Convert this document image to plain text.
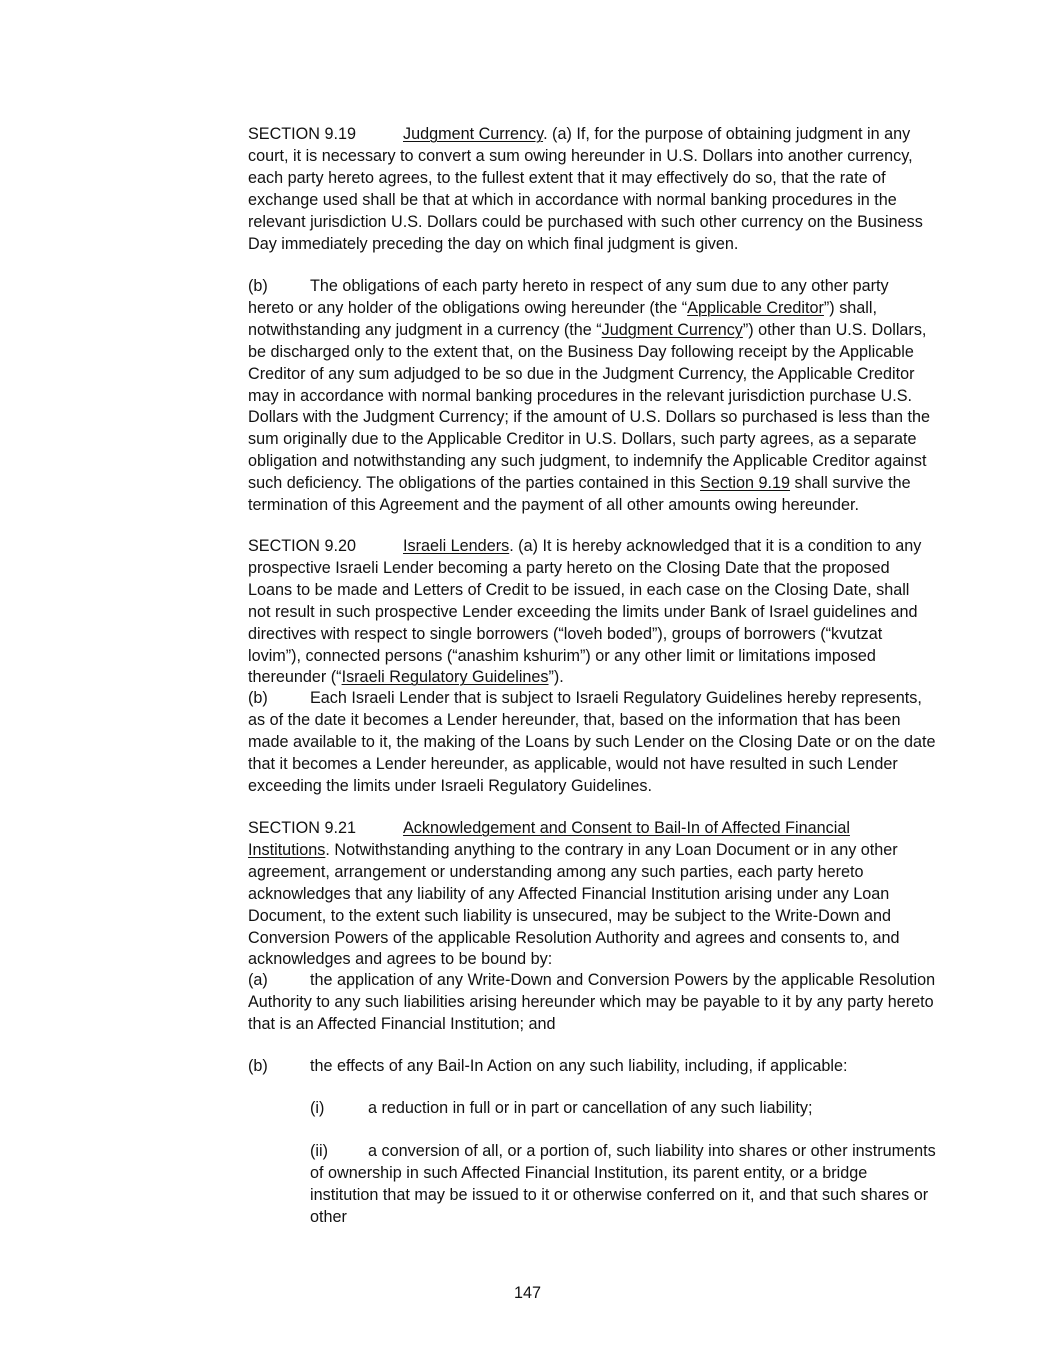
SECTION 9.19	Judgment Currency. (a) If, for the purpose of obtaining judgment in any court, it is necessary to convert a sum owing hereunder in U.S. Dollars into another currency, each party hereto agrees, to the fullest extent that it may effectively do so, that the rate of exchange used shall be that at which in accordance with normal banking procedures in the relevant jurisdiction U.S. Dollars could be purchased with such other currency on the Business Day immediately preceding the day on which final judgment is given.

(b)	The obligations of each party hereto in respect of any sum due to any other party hereto or any holder of the obligations owing hereunder (the “Applicable Creditor”) shall, notwithstanding any judgment in a currency (the “Judgment Currency”) other than U.S. Dollars, be discharged only to the extent that, on the Business Day following receipt by the Applicable Creditor of any sum adjudged to be so due in the Judgment Currency, the Applicable Creditor may in accordance with normal banking procedures in the relevant jurisdiction purchase U.S. Dollars with the Judgment Currency; if the amount of U.S. Dollars so purchased is less than the sum originally due to the Applicable Creditor in U.S. Dollars, such party agrees, as a separate obligation and notwithstanding any such judgment, to indemnify the Applicable Creditor against such deficiency. The obligations of the parties contained in this Section 9.19 shall survive the termination of this Agreement and the payment of all other amounts owing hereunder.

SECTION 9.20	Israeli Lenders. (a) It is hereby acknowledged that it is a condition to any prospective Israeli Lender becoming a party hereto on the Closing Date that the proposed Loans to be made and Letters of Credit to be issued, in each case on the Closing Date, shall not result in such prospective Lender exceeding the limits under Bank of Israel guidelines and directives with respect to single borrowers (“loveh boded”), groups of borrowers (“kvutzat lovim”), connected persons (“anashim kshurim”) or any other limit or limitations imposed thereunder (“Israeli Regulatory Guidelines”).

(b)	Each Israeli Lender that is subject to Israeli Regulatory Guidelines hereby represents, as of the date it becomes a Lender hereunder, that, based on the information that has been made available to it, the making of the Loans by such Lender on the Closing Date or on the date that it becomes a Lender hereunder, as applicable, would not have resulted in such Lender exceeding the limits under Israeli Regulatory Guidelines.

SECTION 9.21	Acknowledgement and Consent to Bail-In of Affected Financial Institutions. Notwithstanding anything to the contrary in any Loan Document or in any other agreement, arrangement or understanding among any such parties, each party hereto acknowledges that any liability of any Affected Financial Institution arising under any Loan Document, to the extent such liability is unsecured, may be subject to the Write-Down and Conversion Powers of the applicable Resolution Authority and agrees and consents to, and acknowledges and agrees to be bound by:

(a)	the application of any Write-Down and Conversion Powers by the applicable Resolution Authority to any such liabilities arising hereunder which may be payable to it by any party hereto that is an Affected Financial Institution; and

(b)	the effects of any Bail-In Action on any such liability, including, if applicable:

(i)	a reduction in full or in part or cancellation of any such liability;

(ii) a conversion of all, or a portion of, such liability into shares or other instruments of ownership in such Affected Financial Institution, its parent entity, or a bridge institution that may be issued to it or otherwise conferred on it, and that such shares or other

147
